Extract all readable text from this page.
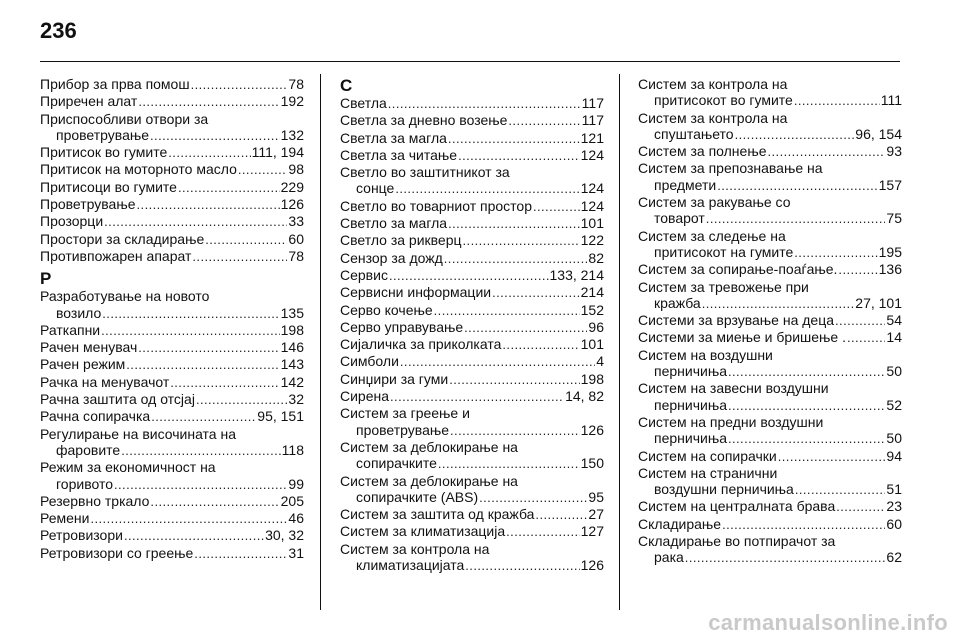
236
Прибор за прва помош . . .	78
Приречен алат . . .	192
Приспособливи отвори за
проветрување . . .	132
Притисок во гумите . . .	111, 194
Притисок на моторното масло . . .	98
Притисоци во гумите . . .	229
Проветрување . . .	126
Прозорци . . .	33
Простори за складирање . . .	60
Противпожарен апарат . . .	78
Р
Разработување на новото
возило . . .	135
Раткапни . . .	198
Рачен менувач . . .	146
Рачен режим . . .	143
Рачка на менувачот . . .	142
Рачна заштита од отсјај . . .	32
Рачна сопирачка . . .	95, 151
Регулирање на височината на
фаровите . . .	118
Режим за економичност на
горивото . . .	99
Резервно тркало . . .	205
Ремени . . .	46
Ретровизори . . .	30, 32
Ретровизори со греење . . .	31
С
Светла . . .	117
Светла за дневно возење . . .	117
Светла за магла . . .	121
Светла за читање . . .	124
Светло во заштитникот за
сонце . . .	124
Светло во товарниот простор . . .	124
Светло за магла . . .	101
Светло за рикверц . . .	122
Сензор за дожд . . .	82
Сервис . . .	133, 214
Сервисни информации . . .	214
Серво кочење . . .	152
Серво управување . . .	96
Сијаличка за приколката . . .	101
Симболи . . .	4
Синџири за гуми . . .	198
Сирена . . .	14, 82
Систем за греење и
проветрување . . .	126
Систем за деблокирање на
сопирачките . . .	150
Систем за деблокирање на
сопирачките (ABS) . . .	95
Систем за заштита од кражба . . .	27
Систем за климатизација . . .	127
Систем за контрола на
климатизацијата . . .	126
Систем за контрола на
притисокот во гумите . . .	111
Систем за контрола на
спуштањето . . .	96, 154
Систем за полнење . . .	93
Систем за препознавање на
предмети . . .	157
Систем за ракување со
товарот . . .	75
Систем за следење на
притисокот на гумите . . .	195
Систем за сопирање-поаѓање. . . .	136
Систем за тревожење при
кражба . . .	27, 101
Системи за врзување на деца . . .	54
Системи за миење и бришење . . . .	14
Систем на воздушни
перничиња . . .	50
Систем на завесни воздушни
перничиња . . .	52
Систем на предни воздушни
перничиња . . .	50
Систем на сопирачки . . .	94
Систем на странични
воздушни перничиња . . .	51
Систем на централната брава . . .	23
Складирање . . .	60
Складирање во потпирачот за
рака . . .	62
carmanualsonline.info
